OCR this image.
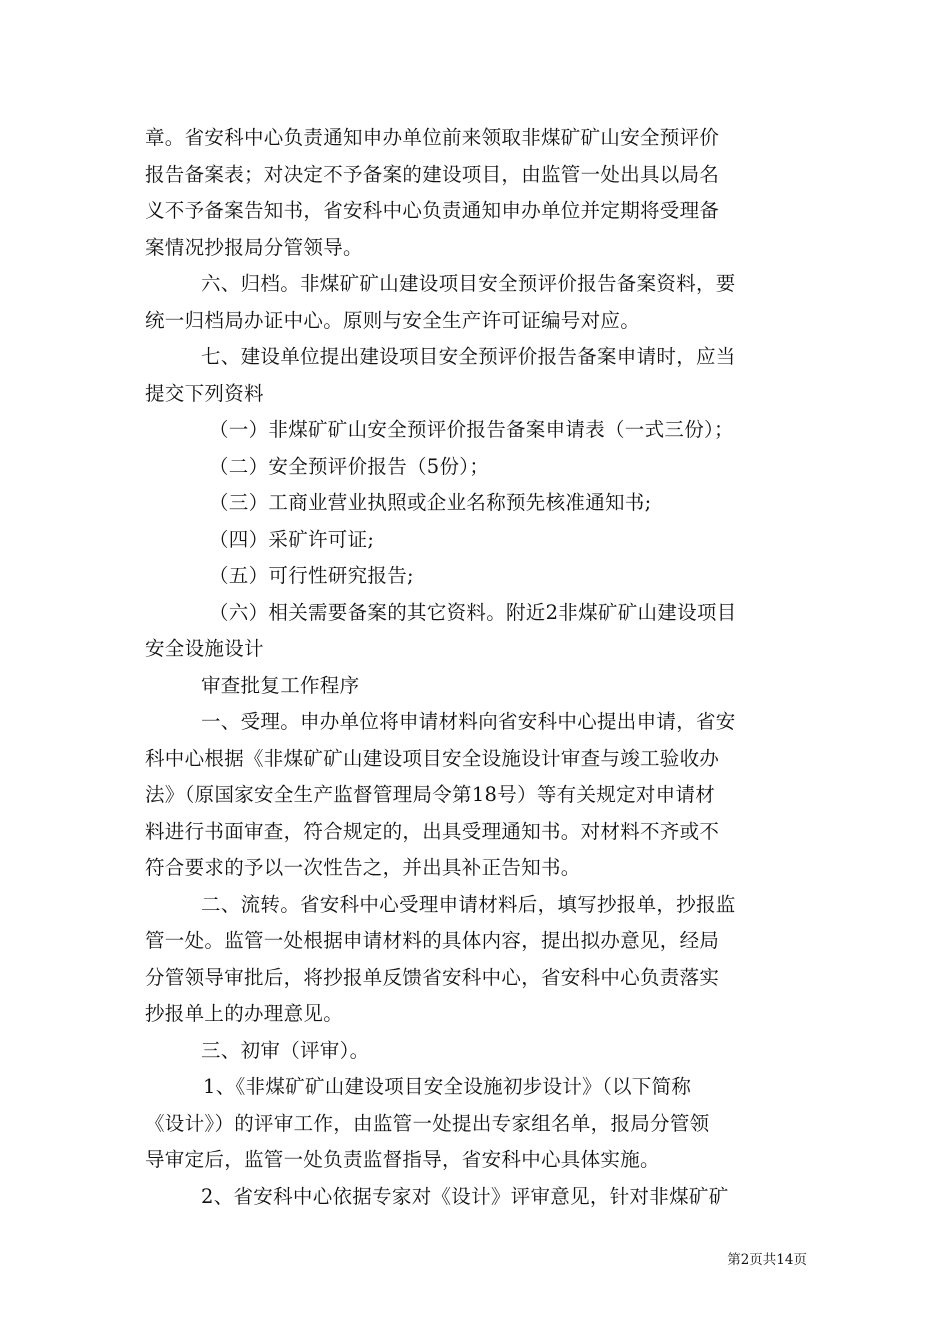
章。省安科中心负责通知申办单位前来领取非煤矿矿山安全预评价
报告备案表；对决定不予备案的建设项目，由监管一处出具以局名
义不予备案告知书，省安科中心负责通知申办单位并定期将受理备
案情况抄报局分管领导。
六、归档。非煤矿矿山建设项目安全预评价报告备案资料，要
统一归档局办证中心。原则与安全生产许可证编号对应。
七、建设单位提出建设项目安全预评价报告备案申请时，应当
提交下列资料
（一）非煤矿矿山安全预评价报告备案申请表（一式三份）；
（二）安全预评价报告（5份）；
（三）工商业营业执照或企业名称预先核准通知书;
（四）采矿许可证;
（五）可行性研究报告;
（六）相关需要备案的其它资料。附近2非煤矿矿山建设项目
安全设施设计
审查批复工作程序
一、受理。申办单位将申请材料向省安科中心提出申请，省安
科中心根据《非煤矿矿山建设项目安全设施设计审查与竣工验收办
法》（原国家安全生产监督管理局令第18号）等有关规定对申请材
料进行书面审查，符合规定的，出具受理通知书。对材料不齐或不
符合要求的予以一次性告之，并出具补正告知书。
二、流转。省安科中心受理申请材料后，填写抄报单，抄报监
管一处。监管一处根据申请材料的具体内容，提出拟办意见，经局
分管领导审批后，将抄报单反馈省安科中心，省安科中心负责落实
抄报单上的办理意见。
三、初审（评审）。
1、《非煤矿矿山建设项目安全设施初步设计》（以下简称
《设计》）的评审工作，由监管一处提出专家组名单，报局分管领
导审定后，监管一处负责监督指导，省安科中心具体实施。
2、省安科中心依据专家对《设计》评审意见，针对非煤矿矿
第2页共14页
